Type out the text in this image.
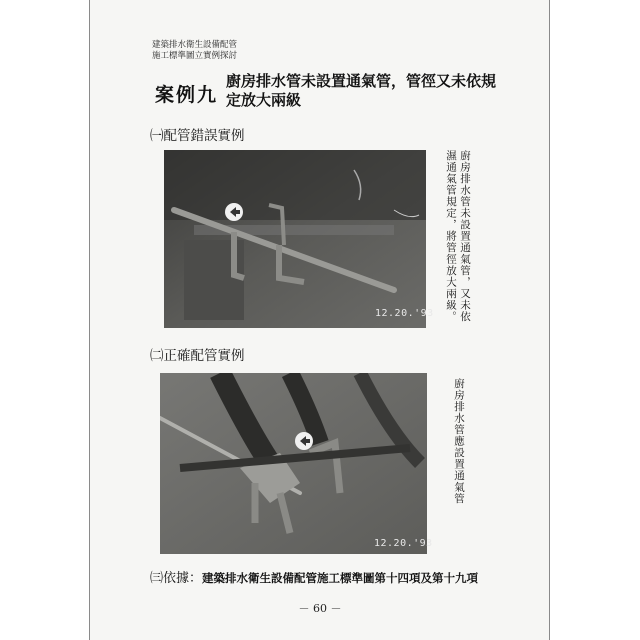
建築排水衛生設備配管
施工標準圖立實例探討
案例九
廚房排水管未設置通氣管，管徑又未依規定放大兩級
㈠配管錯誤實例
12.20.'93 濕通氣管規定，將管徑放大兩級。 廚房排水管未設置通氣管，又未依
㈡正確配管實例
12.20.'93
廚房排水管應設置通氣管
㈢依據：建築排水衛生設備配管施工標準圖第十四項及第十九項
－ 60 －
